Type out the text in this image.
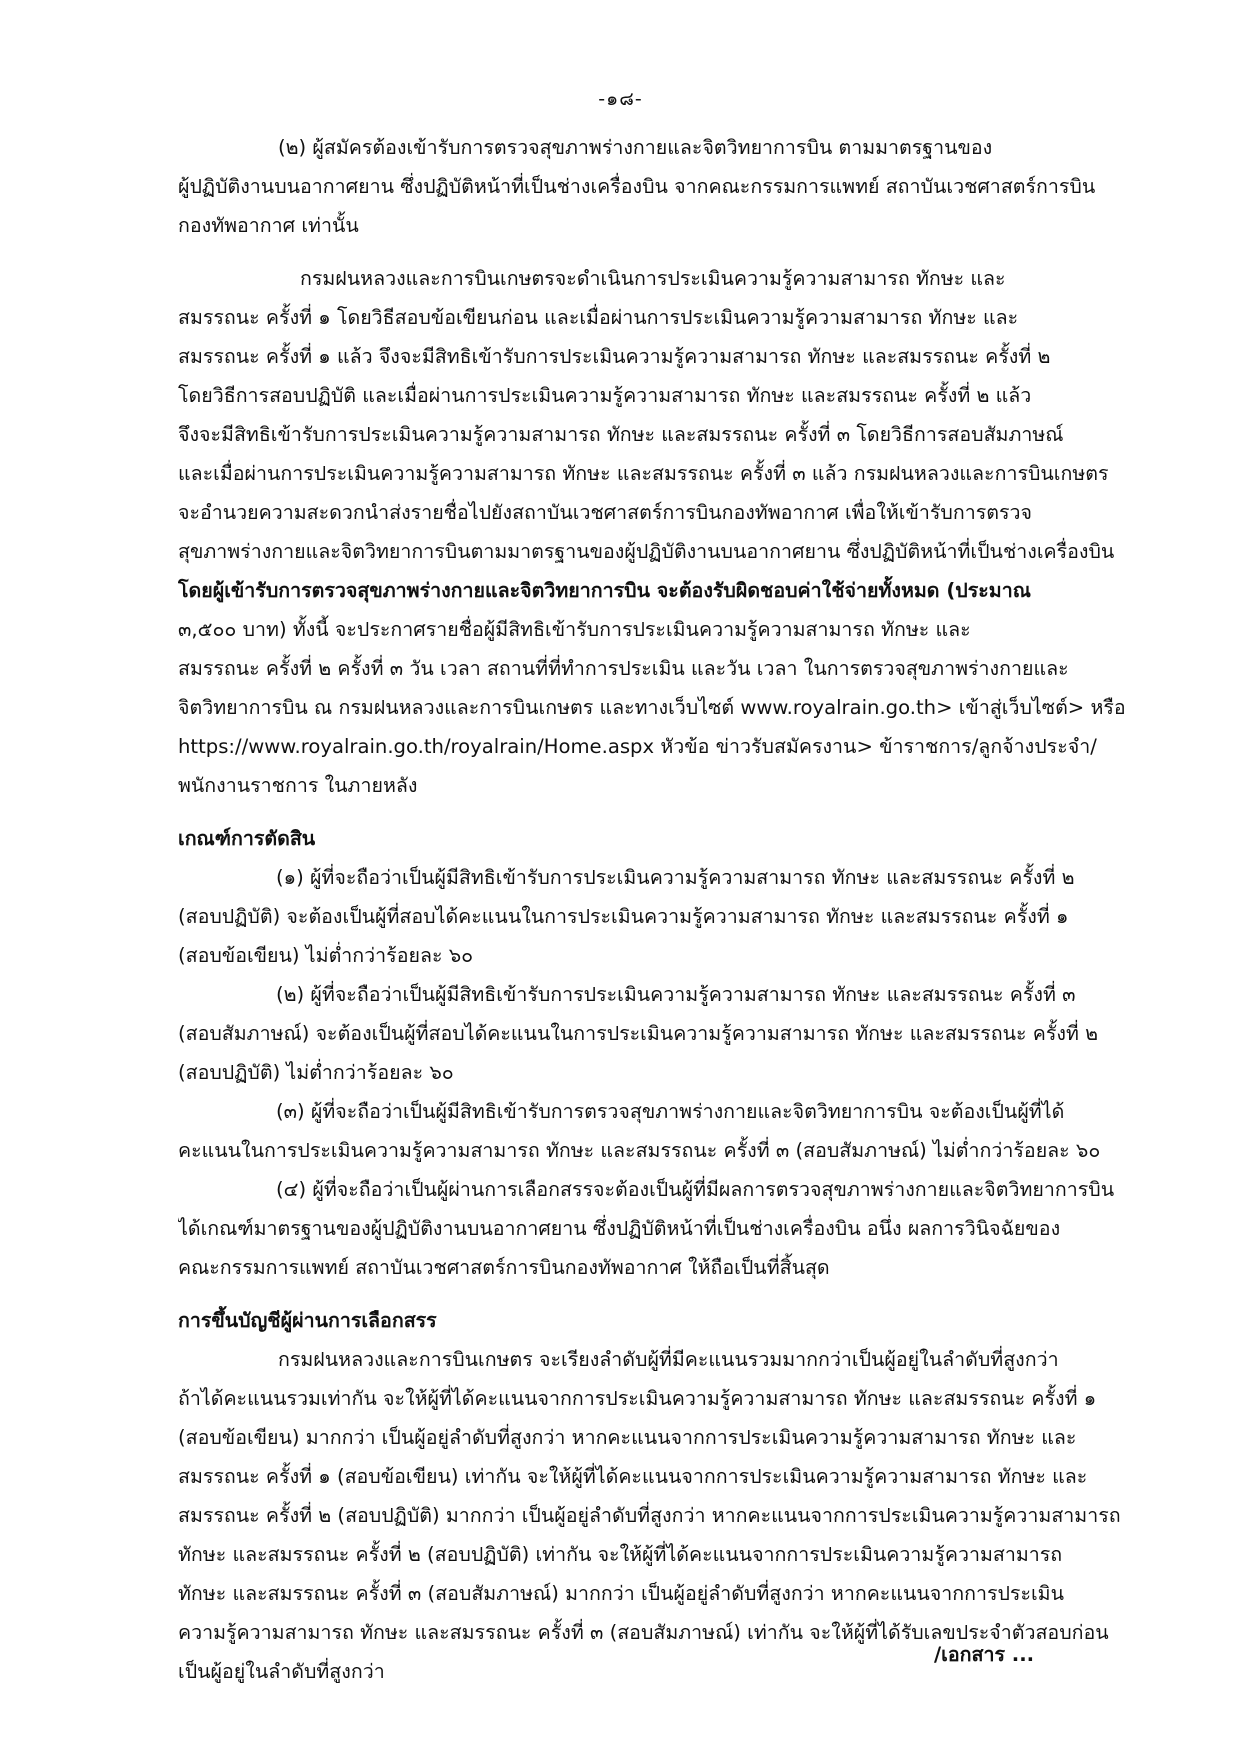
-๑๘-
(๒) ผู้สมัครต้องเข้ารับการตรวจสุขภาพร่างกายและจิตวิทยาการบิน ตามมาตรฐานของ
ผู้ปฏิบัติงานบนอากาศยาน ซึ่งปฏิบัติหน้าที่เป็นช่างเครื่องบิน จากคณะกรรมการแพทย์ สถาบันเวชศาสตร์การบิน
กองทัพอากาศ เท่านั้น
กรมฝนหลวงและการบินเกษตรจะดำเนินการประเมินความรู้ความสามารถ ทักษะ และ
สมรรถนะ ครั้งที่ ๑ โดยวิธีสอบข้อเขียนก่อน และเมื่อผ่านการประเมินความรู้ความสามารถ ทักษะ และ
สมรรถนะ ครั้งที่ ๑ แล้ว จึงจะมีสิทธิเข้ารับการประเมินความรู้ความสามารถ ทักษะ และสมรรถนะ ครั้งที่ ๒
โดยวิธีการสอบปฏิบัติ และเมื่อผ่านการประเมินความรู้ความสามารถ ทักษะ และสมรรถนะ ครั้งที่ ๒ แล้ว
จึงจะมีสิทธิเข้ารับการประเมินความรู้ความสามารถ ทักษะ และสมรรถนะ ครั้งที่ ๓ โดยวิธีการสอบสัมภาษณ์
และเมื่อผ่านการประเมินความรู้ความสามารถ ทักษะ และสมรรถนะ ครั้งที่ ๓ แล้ว กรมฝนหลวงและการบินเกษตร
จะอำนวยความสะดวกนำส่งรายชื่อไปยังสถาบันเวชศาสตร์การบินกองทัพอากาศ เพื่อให้เข้ารับการตรวจ
สุขภาพร่างกายและจิตวิทยาการบินตามมาตรฐานของผู้ปฏิบัติงานบนอากาศยาน ซึ่งปฏิบัติหน้าที่เป็นช่างเครื่องบิน
โดยผู้เข้ารับการตรวจสุขภาพร่างกายและจิตวิทยาการบิน จะต้องรับผิดชอบค่าใช้จ่ายทั้งหมด (ประมาณ
๓,๕๐๐ บาท) ทั้งนี้ จะประกาศรายชื่อผู้มีสิทธิเข้ารับการประเมินความรู้ความสามารถ ทักษะ และ
สมรรถนะ ครั้งที่ ๒ ครั้งที่ ๓ วัน เวลา สถานที่ที่ทำการประเมิน และวัน เวลา ในการตรวจสุขภาพร่างกายและ
จิตวิทยาการบิน ณ กรมฝนหลวงและการบินเกษตร และทางเว็บไซต์ www.royalrain.go.th> เข้าสู่เว็บไซต์> หรือ
https://www.royalrain.go.th/royalrain/Home.aspx หัวข้อ ข่าวรับสมัครงาน> ข้าราชการ/ลูกจ้างประจำ/
พนักงานราชการ ในภายหลัง
เกณฑ์การตัดสิน
(๑) ผู้ที่จะถือว่าเป็นผู้มีสิทธิเข้ารับการประเมินความรู้ความสามารถ ทักษะ และสมรรถนะ ครั้งที่ ๒
(สอบปฏิบัติ) จะต้องเป็นผู้ที่สอบได้คะแนนในการประเมินความรู้ความสามารถ ทักษะ และสมรรถนะ ครั้งที่ ๑
(สอบข้อเขียน) ไม่ต่ำกว่าร้อยละ ๖๐
(๒) ผู้ที่จะถือว่าเป็นผู้มีสิทธิเข้ารับการประเมินความรู้ความสามารถ ทักษะ และสมรรถนะ ครั้งที่ ๓
(สอบสัมภาษณ์) จะต้องเป็นผู้ที่สอบได้คะแนนในการประเมินความรู้ความสามารถ ทักษะ และสมรรถนะ ครั้งที่ ๒
(สอบปฏิบัติ) ไม่ต่ำกว่าร้อยละ ๖๐
(๓) ผู้ที่จะถือว่าเป็นผู้มีสิทธิเข้ารับการตรวจสุขภาพร่างกายและจิตวิทยาการบิน จะต้องเป็นผู้ที่ได้
คะแนนในการประเมินความรู้ความสามารถ ทักษะ และสมรรถนะ ครั้งที่ ๓ (สอบสัมภาษณ์) ไม่ต่ำกว่าร้อยละ ๖๐
(๔) ผู้ที่จะถือว่าเป็นผู้ผ่านการเลือกสรรจะต้องเป็นผู้ที่มีผลการตรวจสุขภาพร่างกายและจิตวิทยาการบิน
ได้เกณฑ์มาตรฐานของผู้ปฏิบัติงานบนอากาศยาน ซึ่งปฏิบัติหน้าที่เป็นช่างเครื่องบิน อนึ่ง ผลการวินิจฉัยของ
คณะกรรมการแพทย์ สถาบันเวชศาสตร์การบินกองทัพอากาศ ให้ถือเป็นที่สิ้นสุด
การขึ้นบัญชีผู้ผ่านการเลือกสรร
กรมฝนหลวงและการบินเกษตร จะเรียงลำดับผู้ที่มีคะแนนรวมมากกว่าเป็นผู้อยู่ในลำดับที่สูงกว่า
ถ้าได้คะแนนรวมเท่ากัน จะให้ผู้ที่ได้คะแนนจากการประเมินความรู้ความสามารถ ทักษะ และสมรรถนะ ครั้งที่ ๑
(สอบข้อเขียน) มากกว่า เป็นผู้อยู่ลำดับที่สูงกว่า หากคะแนนจากการประเมินความรู้ความสามารถ ทักษะ และ
สมรรถนะ ครั้งที่ ๑ (สอบข้อเขียน) เท่ากัน จะให้ผู้ที่ได้คะแนนจากการประเมินความรู้ความสามารถ ทักษะ และ
สมรรถนะ ครั้งที่ ๒ (สอบปฏิบัติ) มากกว่า เป็นผู้อยู่ลำดับที่สูงกว่า หากคะแนนจากการประเมินความรู้ความสามารถ
ทักษะ และสมรรถนะ ครั้งที่ ๒ (สอบปฏิบัติ) เท่ากัน จะให้ผู้ที่ได้คะแนนจากการประเมินความรู้ความสามารถ
ทักษะ และสมรรถนะ ครั้งที่ ๓ (สอบสัมภาษณ์) มากกว่า เป็นผู้อยู่ลำดับที่สูงกว่า หากคะแนนจากการประเมิน
ความรู้ความสามารถ ทักษะ และสมรรถนะ ครั้งที่ ๓ (สอบสัมภาษณ์) เท่ากัน จะให้ผู้ที่ได้รับเลขประจำตัวสอบก่อน
เป็นผู้อยู่ในลำดับที่สูงกว่า
/เอกสาร ...
